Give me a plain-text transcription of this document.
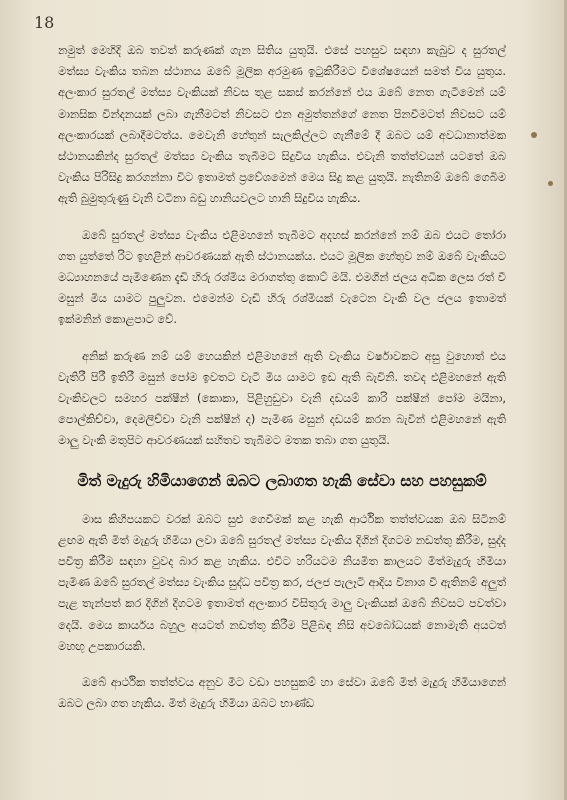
18

නමුත් මෙහිදි ඔබ තවත් කරුණක් ගැන සිතිය යුතුයි. එසේ පහසුව සඳහා කැබුව ද සුරතල් මත්ස්‍ය වැංකිය තබන ස්ථානය ඔබේ මූලික අරමුණ ඉටුකිරීමට විශේෂයෙන් සමත් විය යුතුය. අලංකාර සුරතල් මත්ස්‍ය වැංකියක් නිවස තුළ සකස් කරන්නේ එය ඔබේ නෙත ගැටීමෙන් යම් මානසික වින්දනයක් ලබා ගැනීමටත් නිවසට එන අමුත්තන්ගේ නෙත පිනවීමටත් නිවසට යම් අලංකාරයක් ලබාදීමටත්ය. මෙවැනි හේතුන් සැලකිල්ලට ගැනීමේ දී ඔබට යම් අවධානාත්මක ස්ථානයකින්ද සුරතල් මත්ස්‍ය වැංකිය තැබීමට සිදුවිය හැකිය. එවැනි තත්ත්වයන් යටතේ ඔබ වැංකිය පිරිසිදු කරගන්නා විට ඉතාමත් ප්‍රවේශමෙන් මෙය සිදු කළ යුතුයි. නැතිනම් ඔබේ ගෙබිම ඇති බුමුතුරුණු වැනි වටිනා බඩු හානියවලට හානි සිදුවිය හැකිය.

ඔබේ සුරතල් මත්ස්‍ය වැංකිය එළිමහනේ තැබීමට අදහස් කරන්නේ නම් ඔබ එයට තෝරා ගත යුත්තේ රිට ඉහළින් ආවරණයක් ඇති ස්ථානයක්ය. එයට මූලික හේතුව නම් ඔබේ වැංකියට මධ්‍යාහනයේ පැමිණෙන දැඩි හිරු රශ්මිය මරාගත්තු කොට් මයි. එමගින් ජලය අධික ලෙස රත් වී මසුන් මිය යාමට පුලුවන. එමෙන්ම වැඩි හිරු රශ්මියක් වැටෙන වැංකි වල ජලය ඉතාමත් ඉක්මනින් කොළපාට වේ.

අනික් කරුණ නම් යම් හෙයකින් එළිමහනේ ඇති වැංකිය වර්ෂාවකට අසු වුහොත් එය වැතිරී පිරී ඉතිරී මසුන් පෝම ඉවතට වැටී මිය යාමට ඉඩ ඇති බැවිනි. තවද එළිමහනේ ඇති වැංකිවලට සමහර පක්ෂීන් (කොකා, පිළිහුඩුවා වැනි දඩයම් කාරි පක්ෂීන් පෝම මයිනා, පොල්කිච්චා, දෙමලිච්චා වැනි පක්ෂීන් ද) පැමිණ මසුන් දඩයම් කරන බැවින් එළිමහනේ ඇති මාලු වැංකි මතුපිට ආවරණයක් සහිතව තැබීමට මතක තබා ගත යුතුයි.

මිත් මැදුරු හිමියාගෙන් ඔබට ලබාගත හැකි සේවා සහ පහසුකම්

මාස කිහිපයකට වරක් ඔබට සුළු ගෙවීමක් කළ හැකි ආර්ථික තත්ත්වයක ඔබ සිටිනම් ළඟම ඇති මිත් මැදුරු හිමියා ලවා ඔබේ සුරතල් මත්ස්‍ය වැංකිය දිගින් දිගටම නඩත්තු කිරීම, සුද්ද පවිත්‍ර කිරීම සඳහා වුවද බාර කළ හැකිය. එවිට හරියටම නියමිත කාලයට මිත්මැදුරු හිමියා පැමිණ ඔබේ සුරතල් මත්ස්‍ය වැංකිය සුද්ධ පවිත්‍ර කර, ජලජ පැලෑටි ආදිය විනාශ වී ඇතිනම් අලුත් පැළ තැන්පත් කර දිගින් දිගටම ඉතාමත් අලංකාර විසිතුරු මාලු වැංකියක් ඔබේ නිවසට පවත්වා දෙයි. මෙය කාර්යය බහුල අයටත් නඩත්තු කිරීම පිළිබඳ නිසි අවබෝධයක් නොමැති අයටත් මහඟු උපකාරයකි.

ඔබේ ආර්ථික තත්ත්වය අනුව මීට වඩා පහසුකම් හා සේවා ඔබේ මිත් මැදුරු හිමියාගෙන් ඔබට ලබා ගත හැකිය. මිත් මැදුරු හිමියා ඔබට භාණ්ඩ
